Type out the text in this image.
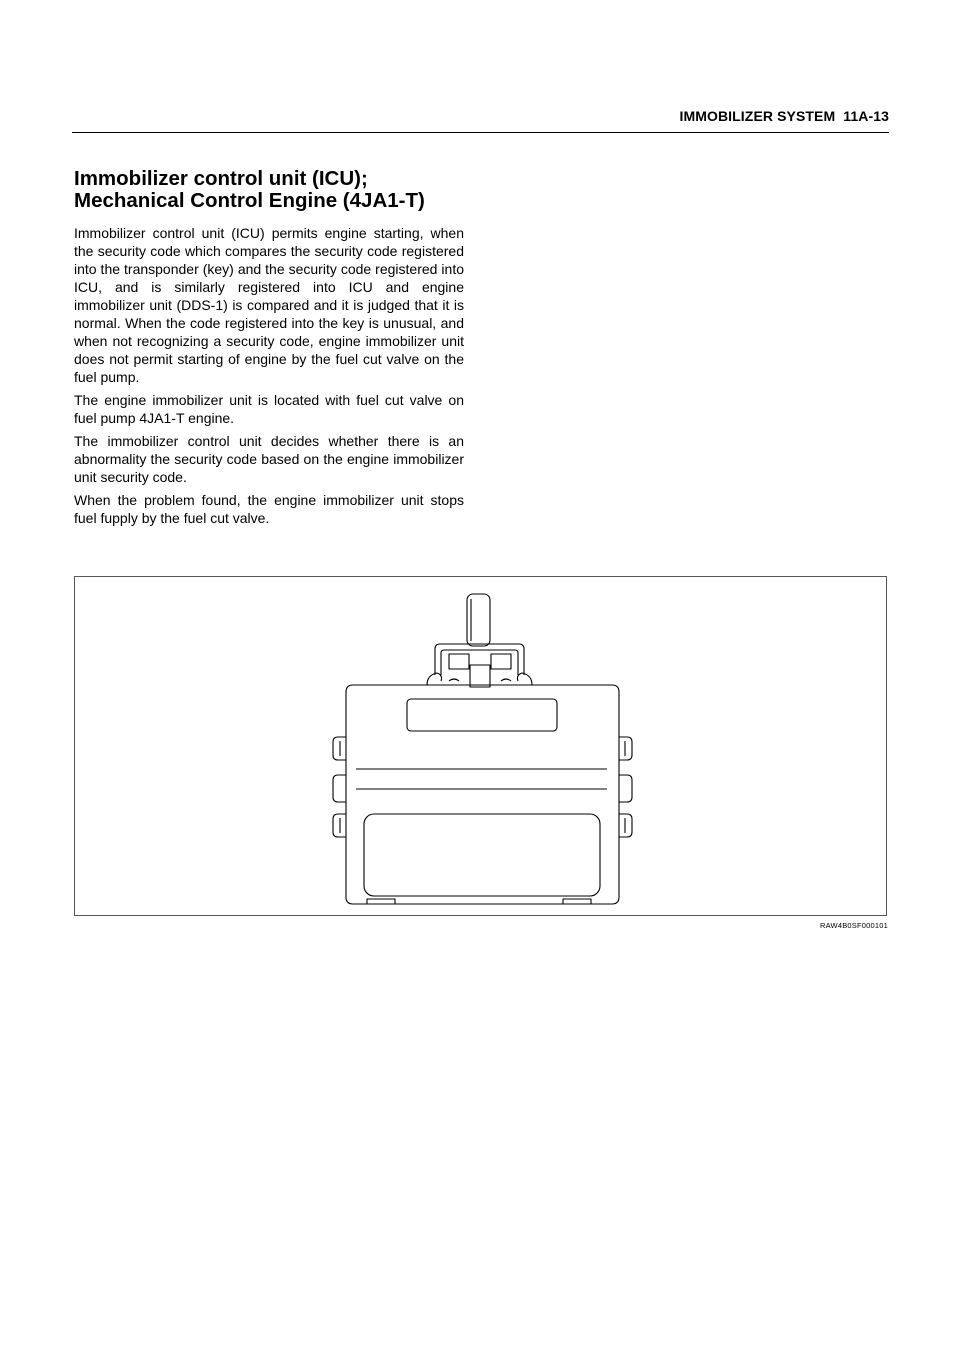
IMMOBILIZER SYSTEM 11A-13
Immobilizer control unit (ICU);
Mechanical Control Engine (4JA1-T)

Immobilizer control unit (ICU) permits engine starting, when the security code which compares the security code registered into the transponder (key) and the security code registered into ICU, and is similarly registered into ICU and engine immobilizer unit (DDS-1) is compared and it is judged that it is normal. When the code registered into the key is unusual, and when not recognizing a security code, engine immobilizer unit does not permit starting of engine by the fuel cut valve on the fuel pump.

The engine immobilizer unit is located with fuel cut valve on fuel pump 4JA1-T engine.

The immobilizer control unit decides whether there is an abnormality the security code based on the engine immobilizer unit security code.

When the problem found, the engine immobilizer unit stops fuel fupply by the fuel cut valve.

RAW4B0SF000101
